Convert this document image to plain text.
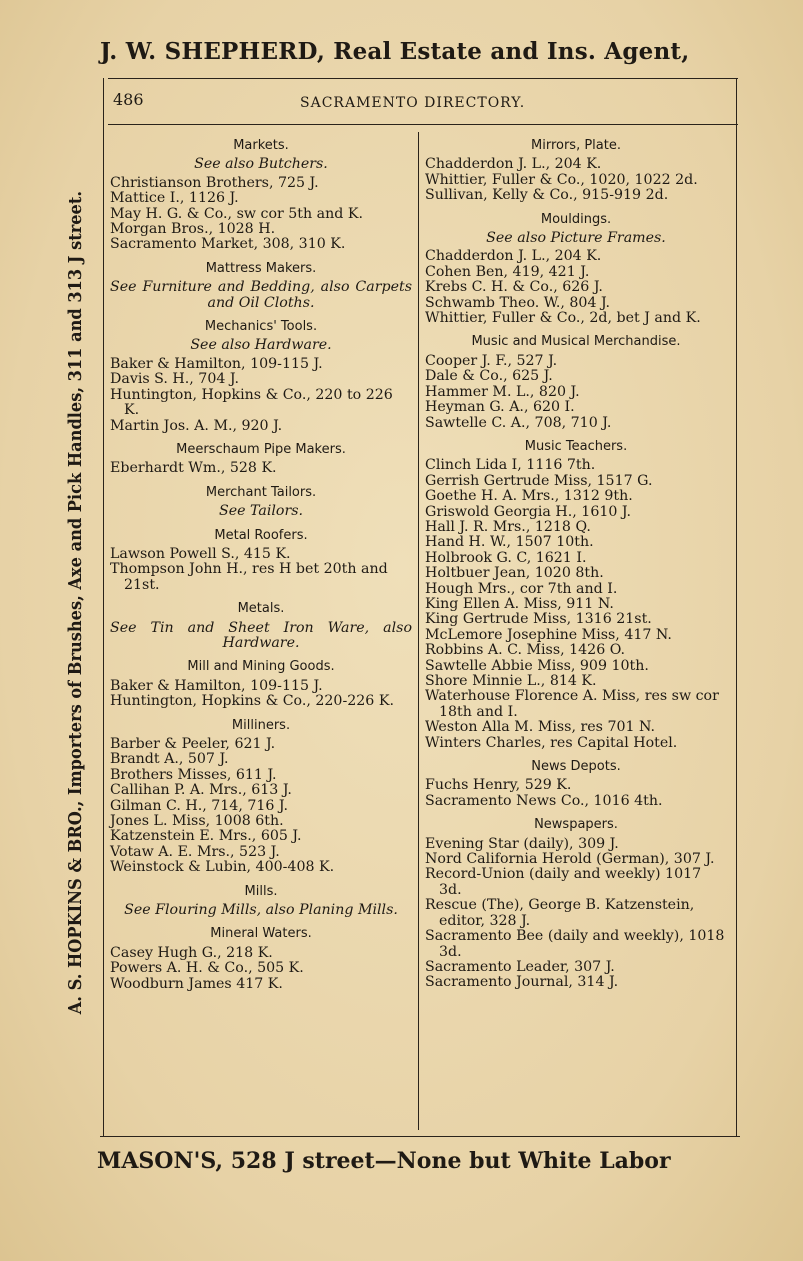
J. W. SHEPHERD, Real Estate and Ins. Agent,
A. S. HOPKINS & BRO., Importers of Brushes, Axe and Pick Handles, 311 and 313 J street.
486	SACRAMENTO DIRECTORY.
Markets.
See also Butchers.
Christianson Brothers, 725 J.
Mattice I., 1126 J.
May H. G. & Co., sw cor 5th and K.
Morgan Bros., 1028 H.
Sacramento Market, 308, 310 K.
Mattress Makers.
See Furniture and Bedding, also Carpets and Oil Cloths.
Mechanics' Tools.
See also Hardware.
Baker & Hamilton, 109-115 J.
Davis S. H., 704 J.
Huntington, Hopkins & Co., 220 to 226 K.
Martin Jos. A. M., 920 J.
Meerschaum Pipe Makers.
Eberhardt Wm., 528 K.
Merchant Tailors.
See Tailors.
Metal Roofers.
Lawson Powell S., 415 K.
Thompson John H., res H bet 20th and 21st.
Metals.
See Tin and Sheet Iron Ware, also Hardware.
Mill and Mining Goods.
Baker & Hamilton, 109-115 J.
Huntington, Hopkins & Co., 220-226 K.
Milliners.
Barber & Peeler, 621 J.
Brandt A., 507 J.
Brothers Misses, 611 J.
Callihan P. A. Mrs., 613 J.
Gilman C. H., 714, 716 J.
Jones L. Miss, 1008 6th.
Katzenstein E. Mrs., 605 J.
Votaw A. E. Mrs., 523 J.
Weinstock & Lubin, 400-408 K.
Mills.
See Flouring Mills, also Planing Mills.
Mineral Waters.
Casey Hugh G., 218 K.
Powers A. H. & Co., 505 K.
Woodburn James 417 K.
Mirrors, Plate.
Chadderdon J. L., 204 K.
Whittier, Fuller & Co., 1020, 1022 2d.
Sullivan, Kelly & Co., 915-919 2d.
Mouldings.
See also Picture Frames.
Chadderdon J. L., 204 K.
Cohen Ben, 419, 421 J.
Krebs C. H. & Co., 626 J.
Schwamb Theo. W., 804 J.
Whittier, Fuller & Co., 2d, bet J and K.
Music and Musical Merchandise.
Cooper J. F., 527 J.
Dale & Co., 625 J.
Hammer M. L., 820 J.
Heyman G. A., 620 I.
Sawtelle C. A., 708, 710 J.
Music Teachers.
Clinch Lida I, 1116 7th.
Gerrish Gertrude Miss, 1517 G.
Goethe H. A. Mrs., 1312 9th.
Griswold Georgia H., 1610 J.
Hall J. R. Mrs., 1218 Q.
Hand H. W., 1507 10th.
Holbrook G. C, 1621 I.
Holtbuer Jean, 1020 8th.
Hough Mrs., cor 7th and I.
King Ellen A. Miss, 911 N.
King Gertrude Miss, 1316 21st.
McLemore Josephine Miss, 417 N.
Robbins A. C. Miss, 1426 O.
Sawtelle Abbie Miss, 909 10th.
Shore Minnie L., 814 K.
Waterhouse Florence A. Miss, res sw cor 18th and I.
Weston Alla M. Miss, res 701 N.
Winters Charles, res Capital Hotel.
News Depots.
Fuchs Henry, 529 K.
Sacramento News Co., 1016 4th.
Newspapers.
Evening Star (daily), 309 J.
Nord California Herold (German), 307 J.
Record-Union (daily and weekly) 1017 3d.
Rescue (The), George B. Katzenstein, editor, 328 J.
Sacramento Bee (daily and weekly), 1018 3d.
Sacramento Leader, 307 J.
Sacramento Journal, 314 J.
MASON'S, 528 J street—None but White Labor
